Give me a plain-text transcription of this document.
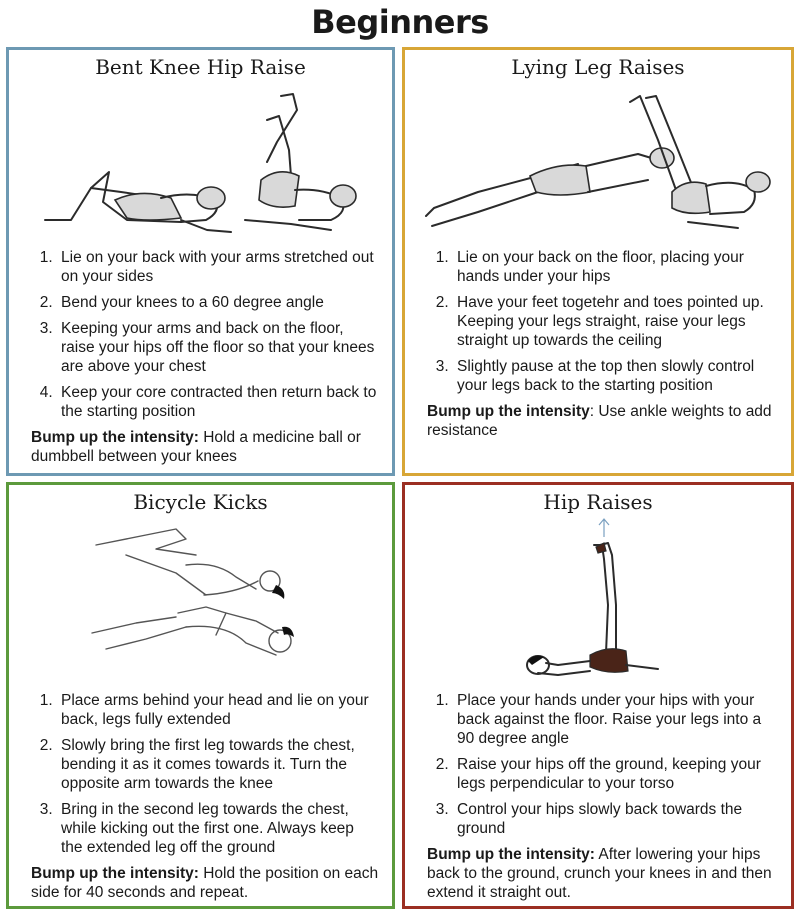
Beginners
Bent Knee Hip Raise
1. Lie on your back with your arms stretched out on your sides
2. Bend your knees to a 60 degree angle
3. Keeping your arms and back on the floor, raise your hips off the floor so that your knees are above your chest
4. Keep your core contracted then return back to the starting position
Bump up the intensity: Hold a medicine ball or dumbbell between your knees
Lying Leg Raises
1. Lie on your back on the floor, placing your hands under your hips
2. Have your feet togetehr and toes pointed up. Keeping your legs straight, raise your legs straight up towards the ceiling
3. Slightly pause at the top then slowly control your legs back to the starting position
Bump up the intensity: Use ankle weights to add resistance
Bicycle Kicks
1. Place arms behind your head and lie on your back, legs fully extended
2. Slowly bring the first leg towards the chest, bending it as it comes towards it. Turn the opposite arm towards the knee
3. Bring in the second leg towards the chest, while kicking out the first one. Always keep the extended leg off the ground
Bump up the intensity: Hold the position on each side for 40 seconds and repeat.
Hip Raises
1. Place your hands under your hips with your back against the floor. Raise your legs into a 90 degree angle
2. Raise your hips off the ground, keeping your legs perpendicular to your torso
3. Control your hips slowly back towards the ground
Bump up the intensity: After lowering your hips back to the ground, crunch your knees in and then extend it straight out.
